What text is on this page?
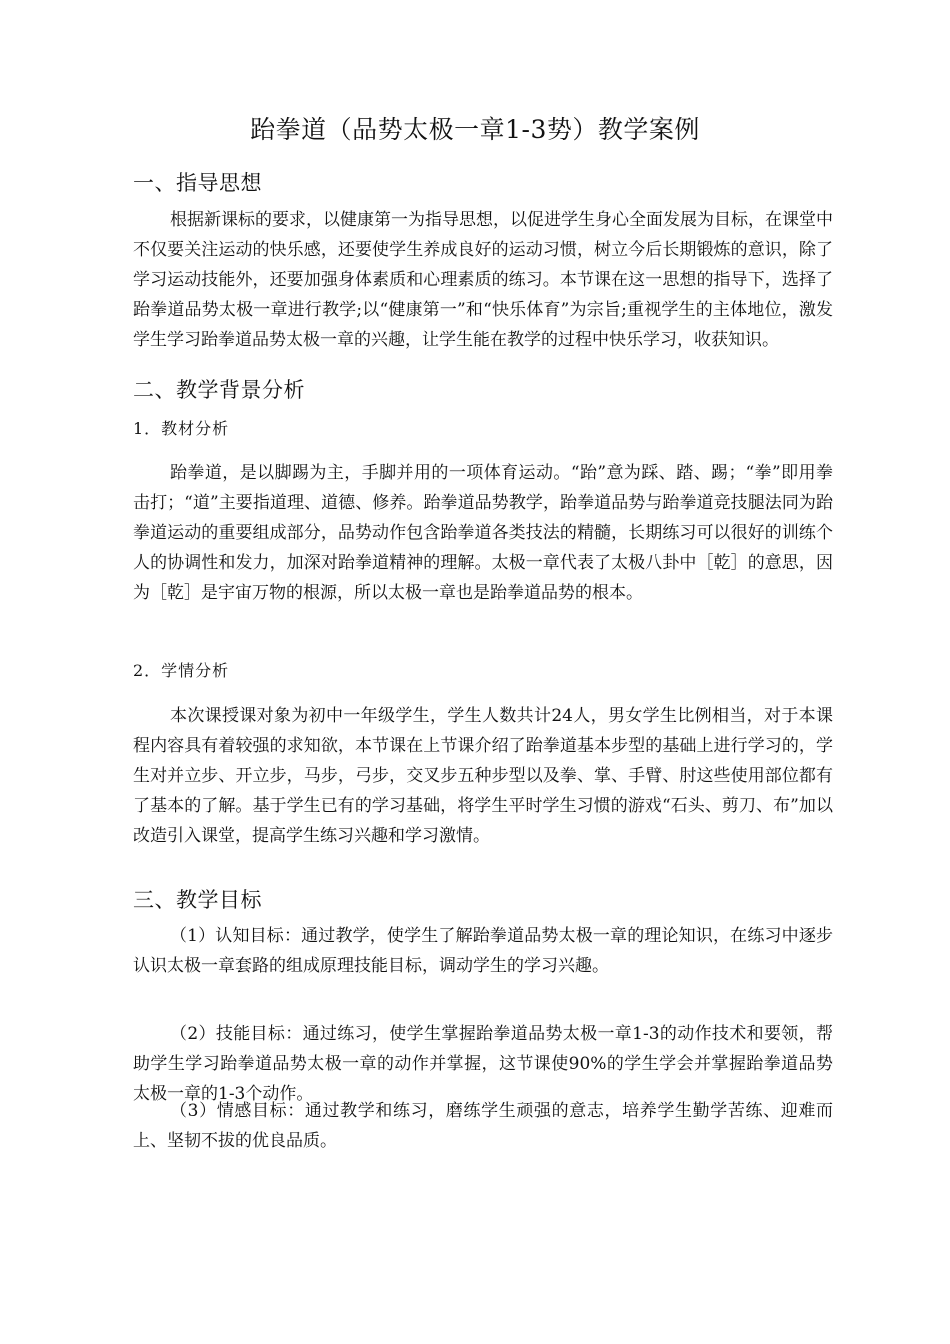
跆拳道（品势太极一章1-3势）教学案例
一、指导思想

根据新课标的要求，以健康第一为指导思想，以促进学生身心全面发展为目标，在课堂中不仅要关注运动的快乐感，还要使学生养成良好的运动习惯，树立今后长期锻炼的意识，除了学习运动技能外，还要加强身体素质和心理素质的练习。本节课在这一思想的指导下，选择了跆拳道品势太极一章进行教学;以“健康第一”和“快乐体育”为宗旨;重视学生的主体地位，激发学生学习跆拳道品势太极一章的兴趣，让学生能在教学的过程中快乐学习，收获知识。

二、教学背景分析
1．教材分析

跆拳道，是以脚踢为主，手脚并用的一项体育运动。“跆”意为踩、踏、踢；“拳”即用拳击打；“道”主要指道理、道德、修养。跆拳道品势教学，跆拳道品势与跆拳道竞技腿法同为跆拳道运动的重要组成部分，品势动作包含跆拳道各类技法的精髓，长期练习可以很好的训练个人的协调性和发力，加深对跆拳道精神的理解。太极一章代表了太极八卦中［乾］的意思，因为［乾］是宇宙万物的根源，所以太极一章也是跆拳道品势的根本。

2．学情分析

本次课授课对象为初中一年级学生，学生人数共计24人，男女学生比例相当，对于本课程内容具有着较强的求知欲，本节课在上节课介绍了跆拳道基本步型的基础上进行学习的，学生对并立步、开立步，马步，弓步，交叉步五种步型以及拳、掌、手臂、肘这些使用部位都有了基本的了解。基于学生已有的学习基础，将学生平时学生习惯的游戏“石头、剪刀、布”加以改造引入课堂，提高学生练习兴趣和学习激情。

三、教学目标

（1）认知目标：通过教学，使学生了解跆拳道品势太极一章的理论知识，在练习中逐步认识太极一章套路的组成原理技能目标，调动学生的学习兴趣。

（2）技能目标：通过练习，使学生掌握跆拳道品势太极一章1-3的动作技术和要领，帮助学生学习跆拳道品势太极一章的动作并掌握，这节课使90%的学生学会并掌握跆拳道品势太极一章的1-3个动作。

（3）情感目标：通过教学和练习，磨练学生顽强的意志，培养学生勤学苦练、迎难而上、坚韧不拔的优良品质。
